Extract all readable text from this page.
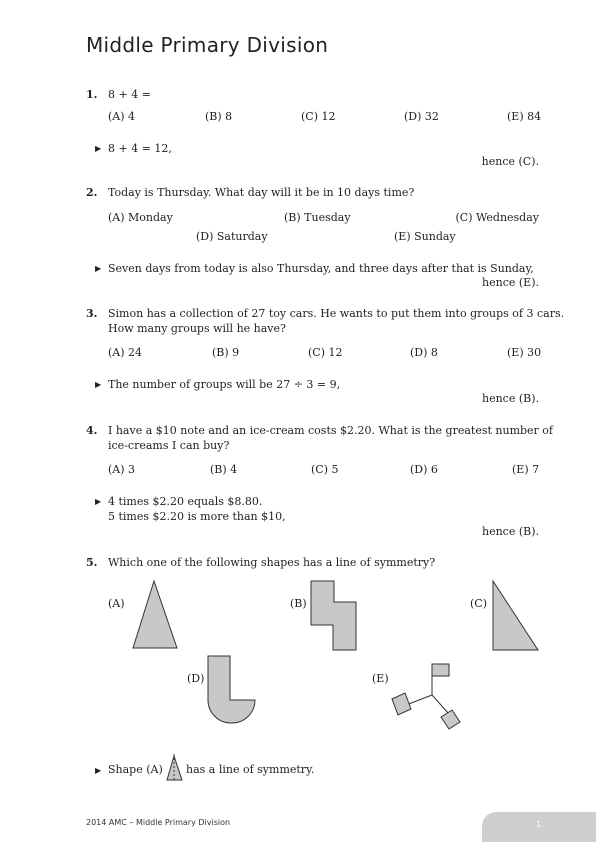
Middle Primary Division
1. 8 + 4 =
(A) 4	(B) 8	(C) 12	(D) 32	(E) 84
▶ 8 + 4 = 12,
hence (C).
2. Today is Thursday. What day will it be in 10 days time?
(A) Monday	(B) Tuesday	(C) Wednesday
(D) Saturday	(E) Sunday
▶ Seven days from today is also Thursday, and three days after that is Sunday,
hence (E).
3. Simon has a collection of 27 toy cars. He wants to put them into groups of 3 cars.
How many groups will he have?
(A) 24	(B) 9	(C) 12	(D) 8	(E) 30
▶ The number of groups will be 27 ÷ 3 = 9,
hence (B).
4. I have a $10 note and an ice-cream costs $2.20. What is the greatest number of
ice-creams I can buy?
(A) 3	(B) 4	(C) 5	(D) 6	(E) 7
▶ 4 times $2.20 equals $8.80.
5 times $2.20 is more than $10,
hence (B).
5. Which one of the following shapes has a line of symmetry?
(A)	(B)	(C)
(D)	(E)
▶ Shape (A) has a line of symmetry.
2014 AMC – Middle Primary Division	1
